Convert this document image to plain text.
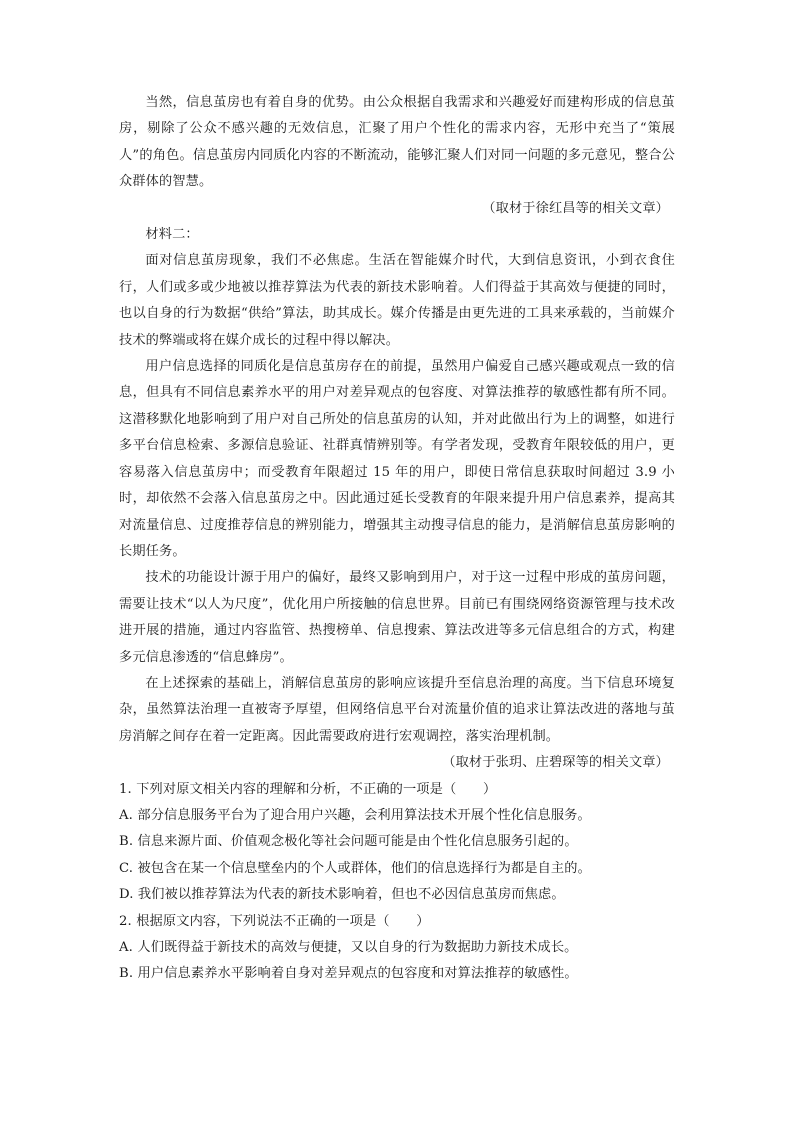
当然，信息茧房也有着自身的优势。由公众根据自我需求和兴趣爱好而建构形成的信息茧房，剔除了公众不感兴趣的无效信息，汇聚了用户个性化的需求内容，无形中充当了“策展人”的角色。信息茧房内同质化内容的不断流动，能够汇聚人们对同一问题的多元意见，整合公众群体的智慧。

（取材于徐红昌等的相关文章）

材料二：

面对信息茧房现象，我们不必焦虑。生活在智能媒介时代，大到信息资讯，小到衣食住行，人们或多或少地被以推荐算法为代表的新技术影响着。人们得益于其高效与便捷的同时，也以自身的行为数据“供给”算法，助其成长。媒介传播是由更先进的工具来承载的，当前媒介技术的弊端或将在媒介成长的过程中得以解决。

用户信息选择的同质化是信息茧房存在的前提，虽然用户偏爱自己感兴趣或观点一致的信息，但具有不同信息素养水平的用户对差异观点的包容度、对算法推荐的敏感性都有所不同。这潜移默化地影响到了用户对自己所处的信息茧房的认知，并对此做出行为上的调整，如进行多平台信息检索、多源信息验证、社群真情辨别等。有学者发现，受教育年限较低的用户，更容易落入信息茧房中；而受教育年限超过 15 年的用户，即使日常信息获取时间超过 3.9 小时，却依然不会落入信息茧房之中。因此通过延长受教育的年限来提升用户信息素养，提高其对流量信息、过度推荐信息的辨别能力，增强其主动搜寻信息的能力，是消解信息茧房影响的长期任务。

技术的功能设计源于用户的偏好，最终又影响到用户，对于这一过程中形成的茧房问题，需要让技术“以人为尺度”，优化用户所接触的信息世界。目前已有围绕网络资源管理与技术改进开展的措施，通过内容监管、热搜榜单、信息搜索、算法改进等多元信息组合的方式，构建多元信息渗透的“信息蜂房”。

在上述探索的基础上，消解信息茧房的影响应该提升至信息治理的高度。当下信息环境复杂，虽然算法治理一直被寄予厚望，但网络信息平台对流量价值的追求让算法改进的落地与茧房消解之间存在着一定距离。因此需要政府进行宏观调控，落实治理机制。

（取材于张玥、庄碧琛等的相关文章）

1. 下列对原文相关内容的理解和分析，不正确的一项是（　　）

A. 部分信息服务平台为了迎合用户兴趣，会利用算法技术开展个性化信息服务。

B. 信息来源片面、价值观念极化等社会问题可能是由个性化信息服务引起的。

C. 被包含在某一个信息壁垒内的个人或群体，他们的信息选择行为都是自主的。

D. 我们被以推荐算法为代表的新技术影响着，但也不必因信息茧房而焦虑。

2. 根据原文内容，下列说法不正确的一项是（　　）

A. 人们既得益于新技术的高效与便捷，又以自身的行为数据助力新技术成长。

B. 用户信息素养水平影响着自身对差异观点的包容度和对算法推荐的敏感性。
